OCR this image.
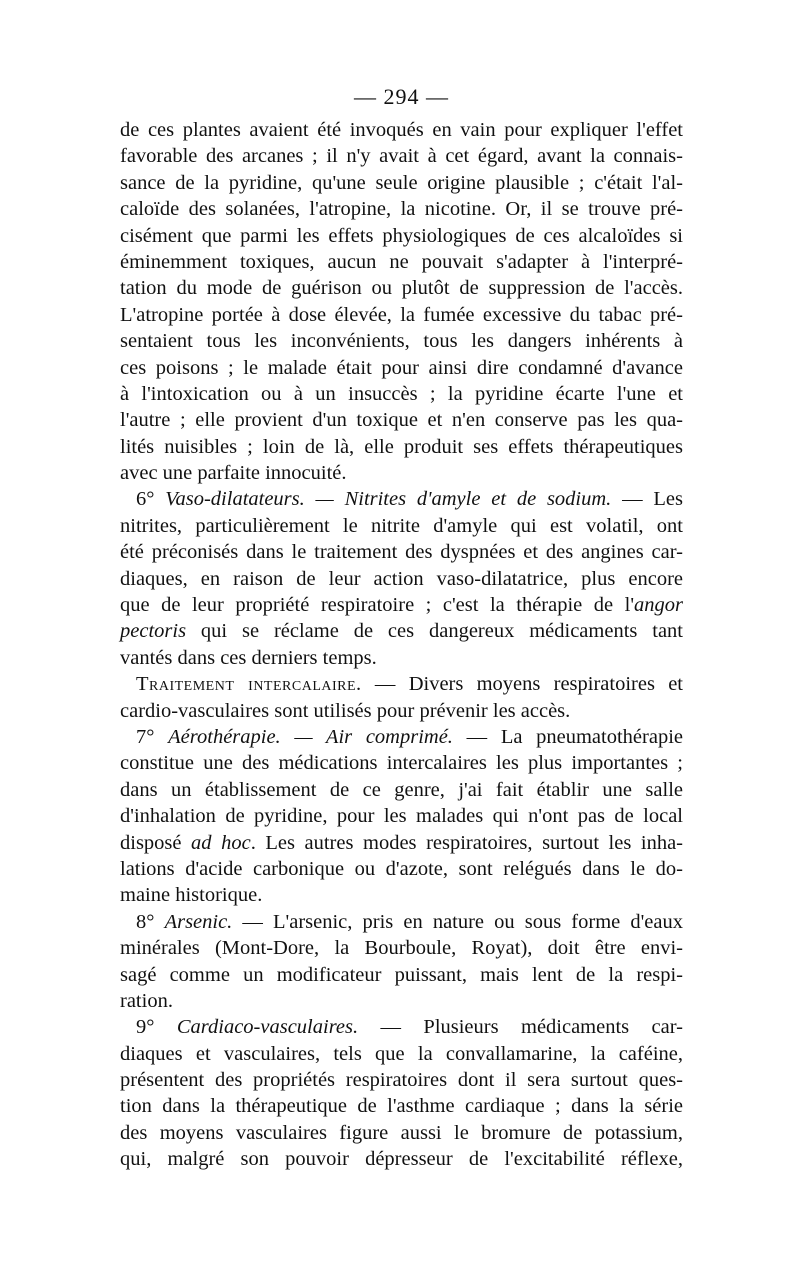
— 294 —
de ces plantes avaient été invoqués en vain pour expliquer l'effet
favorable des arcanes ; il n'y avait à cet égard, avant la connais-
sance de la pyridine, qu'une seule origine plausible ; c'était l'al-
caloïde des solanées, l'atropine, la nicotine. Or, il se trouve pré-
cisément que parmi les effets physiologiques de ces alcaloïdes si
éminemment toxiques, aucun ne pouvait s'adapter à l'interpré-
tation du mode de guérison ou plutôt de suppression de l'accès.
L'atropine portée à dose élevée, la fumée excessive du tabac pré-
sentaient tous les inconvénients, tous les dangers inhérents à
ces poisons ; le malade était pour ainsi dire condamné d'avance
à l'intoxication ou à un insuccès ; la pyridine écarte l'une et
l'autre ; elle provient d'un toxique et n'en conserve pas les qua-
lités nuisibles ; loin de là, elle produit ses effets thérapeutiques
avec une parfaite innocuité.
6° Vaso-dilatateurs. — Nitrites d'amyle et de sodium. — Les
nitrites, particulièrement le nitrite d'amyle qui est volatil, ont
été préconisés dans le traitement des dyspnées et des angines car-
diaques, en raison de leur action vaso-dilatatrice, plus encore
que de leur propriété respiratoire ; c'est la thérapie de l'angor
pectoris qui se réclame de ces dangereux médicaments tant
vantés dans ces derniers temps.
Traitement intercalaire. — Divers moyens respiratoires et
cardio-vasculaires sont utilisés pour prévenir les accès.
7° Aérothérapie. — Air comprimé. — La pneumatothérapie
constitue une des médications intercalaires les plus importantes ;
dans un établissement de ce genre, j'ai fait établir une salle
d'inhalation de pyridine, pour les malades qui n'ont pas de local
disposé ad hoc. Les autres modes respiratoires, surtout les inha-
lations d'acide carbonique ou d'azote, sont relégués dans le do-
maine historique.
8° Arsenic. — L'arsenic, pris en nature ou sous forme d'eaux
minérales (Mont-Dore, la Bourboule, Royat), doit être envi-
sagé comme un modificateur puissant, mais lent de la respi-
ration.
9° Cardiaco-vasculaires. — Plusieurs médicaments car-
diaques et vasculaires, tels que la convallamarine, la caféine,
présentent des propriétés respiratoires dont il sera surtout ques-
tion dans la thérapeutique de l'asthme cardiaque ; dans la série
des moyens vasculaires figure aussi le bromure de potassium,
qui, malgré son pouvoir dépresseur de l'excitabilité réflexe,
